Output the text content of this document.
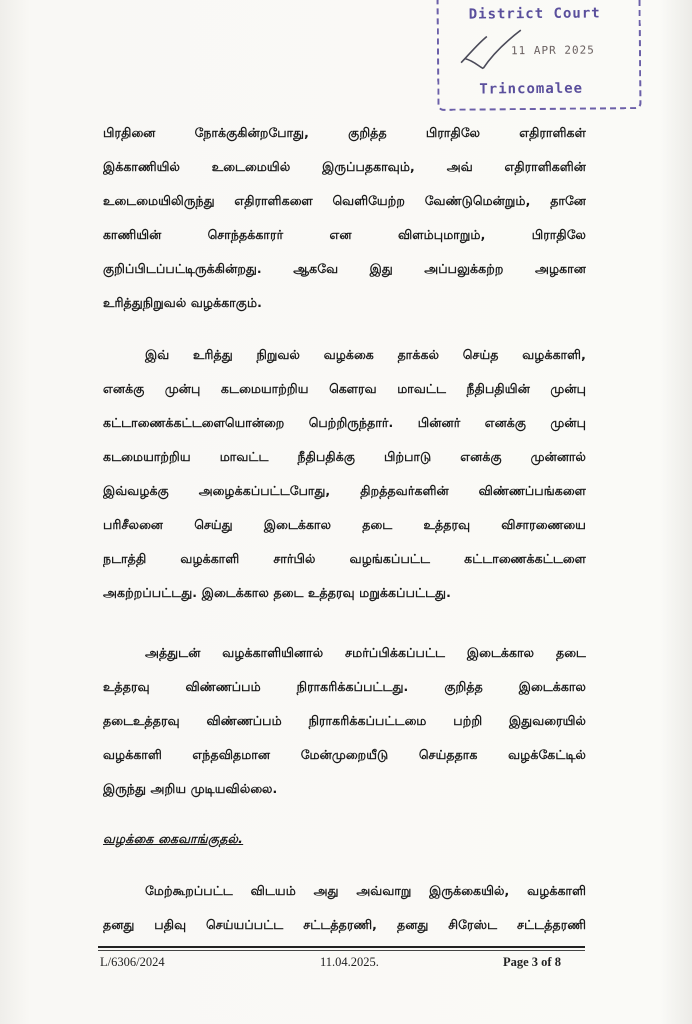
District Court
11 APR 2025
Trincomalee
பிரதினை நோக்குகின்றபோது, குறித்த பிராதிலே எதிராளிகள்
இக்காணியில் உடைமையில் இருப்பதகாவும், அவ் எதிராளிகளின்
உடைமையிலிருந்து எதிராளிகளை வெளியேற்ற வேண்டுமென்றும், தானே
காணியின் சொந்தக்காரர் என விளம்புமாறும், பிராதிலே
குறிப்பிடப்பட்டிருக்கின்றது. ஆகவே இது அப்பலுக்கற்ற அழகான
உரித்துநிறுவல் வழக்காகும்.
இவ் உரித்து நிறுவல் வழக்கை தாக்கல் செய்த வழக்காளி,
எனக்கு முன்பு கடமையாற்றிய கௌரவ மாவட்ட நீதிபதியின் முன்பு
கட்டாணைக்கட்டளையொன்றை பெற்றிருந்தார். பின்னர் எனக்கு முன்பு
கடமையாற்றிய மாவட்ட நீதிபதிக்கு பிற்பாடு எனக்கு முன்னால்
இவ்வழக்கு அழைக்கப்பட்டபோது, திறத்தவர்களின் விண்ணப்பங்களை
பரிசீலனை செய்து இடைக்கால தடை உத்தரவு விசாரணையை
நடாத்தி வழக்காளி சார்பில் வழங்கப்பட்ட கட்டாணைக்கட்டளை
அகற்றப்பட்டது. இடைக்கால தடை உத்தரவு மறுக்கப்பட்டது.
அத்துடன் வழக்காளியினால் சமர்ப்பிக்கப்பட்ட இடைக்கால தடை
உத்தரவு விண்ணப்பம் நிராகரிக்கப்பட்டது. குறித்த இடைக்கால
தடைஉத்தரவு விண்ணப்பம் நிராகரிக்கப்பட்டமை பற்றி இதுவரையில்
வழக்காளி எந்தவிதமான மேன்முறையீடு செய்ததாக வழக்கேட்டில்
இருந்து அறிய முடியவில்லை.
வழக்கை கைவாங்குதல்.
மேற்கூறப்பட்ட விடயம் அது அவ்வாறு இருக்கையில், வழக்காளி
தனது பதிவு செய்யப்பட்ட சட்டத்தரணி, தனது சிரேஸ்ட சட்டத்தரணி
L/6306/2024	11.04.2025.	Page 3 of 8
